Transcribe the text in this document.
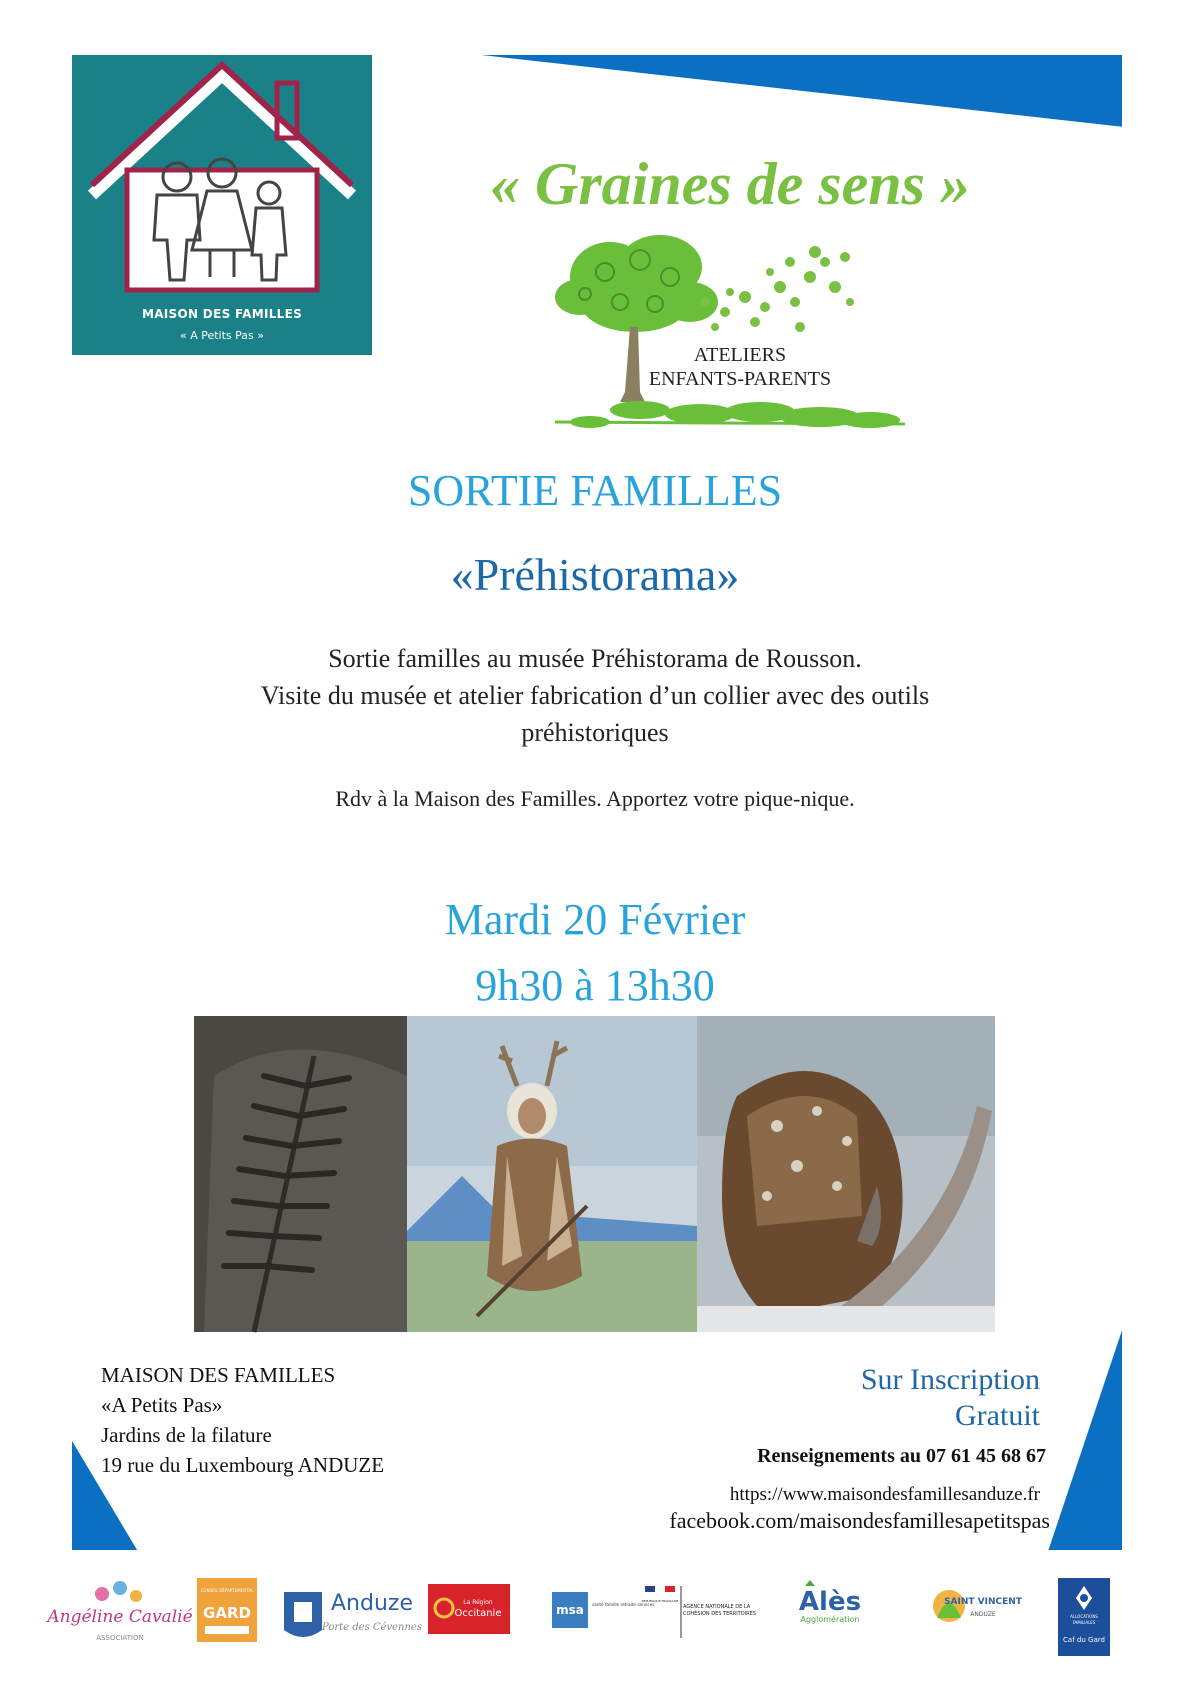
MAISON DES FAMILLES
« A Petits Pas »
« Graines de sens »
ATELIERS
ENFANTS-PARENTS
SORTIE FAMILLES
«Préhistorama»
Sortie familles au musée Préhistorama de Rousson.
Visite du musée et atelier fabrication d’un collier avec des outils
préhistoriques
Rdv à la Maison des Familles. Apportez votre pique-nique.
Mardi 20 Février
9h30 à 13h30
MAISON DES FAMILLES
«A Petits Pas»
Jardins de la filature
19 rue du Luxembourg ANDUZE
Sur Inscription
Gratuit
Renseignements au 07 61 45 68 67
https://www.maisondesfamillesanduze.fr
facebook.com/maisondesfamillesapetitspas
Angéline Cavalié
ASSOCIATION
CONSEIL DÉPARTEMENTAL
GARD	Anduze
Porte des Cévennes
La Région
Occitanie	msa santé famille retraite services
RÉPUBLIQUE FRANÇAISE
AGENCE NATIONALE DE LA COHÉSION DES TERRITOIRES Alès
Agglomération
SAINT VINCENT
ANDUZE	ALLOCATIONS FAMILIALES
Caf du Gard
